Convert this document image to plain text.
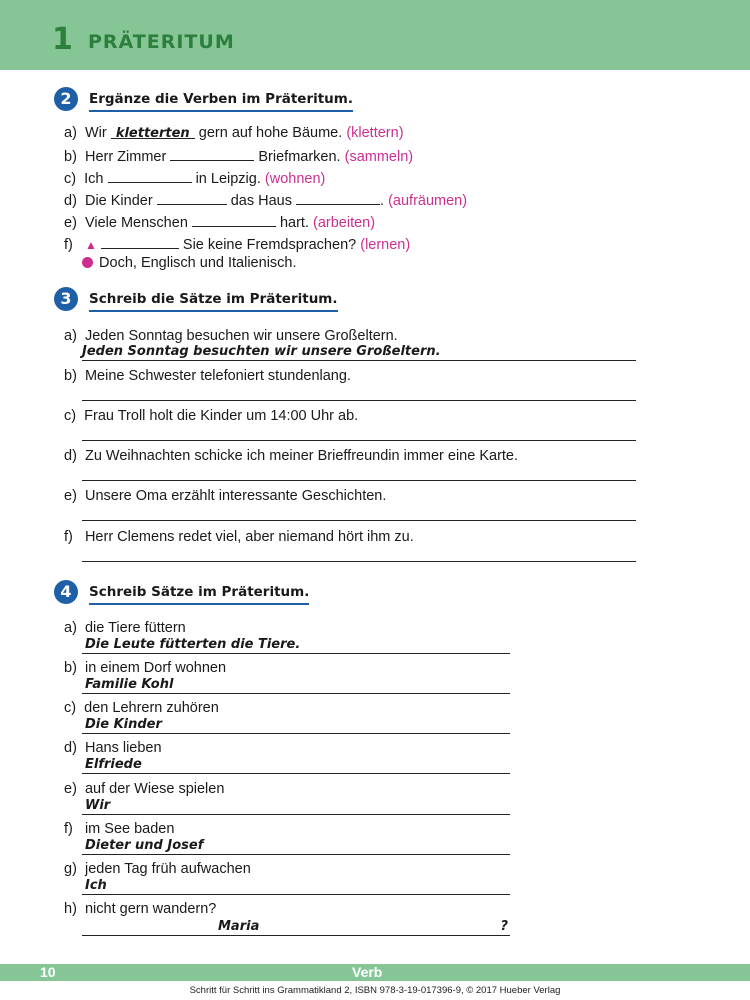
1 PRÄTERITUM
2	Ergänze die Verben im Präteritum.
a) Wir kletterten gern auf hohe Bäume. (klettern)
b) Herr Zimmer	Briefmarken. (sammeln)
c) Ich	in Leipzig. (wohnen)
d) Die Kinder	das Haus	. (aufräumen)
e) Viele Menschen	hart. (arbeiten)
f) ▲	Sie keine Fremdsprachen? (lernen)
Doch, Englisch und Italienisch.
3	Schreib die Sätze im Präteritum.
a) Jeden Sonntag besuchen wir unsere Großeltern.
Jeden Sonntag besuchten wir unsere Großeltern.
b) Meine Schwester telefoniert stundenlang.
c) Frau Troll holt die Kinder um 14:00 Uhr ab.
d) Zu Weihnachten schicke ich meiner Brieffreundin immer eine Karte.
e) Unsere Oma erzählt interessante Geschichten.
f) Herr Clemens redet viel, aber niemand hört ihm zu.
4	Schreib Sätze im Präteritum.
a) die Tiere füttern
Die Leute fütterten die Tiere.
b) in einem Dorf wohnen
Familie Kohl
c) den Lehrern zuhören
Die Kinder
d) Hans lieben
Elfriede
e) auf der Wiese spielen
Wir
f) im See baden
Dieter und Josef
g) jeden Tag früh aufwachen
Ich
h) nicht gern wandern?
Maria	?
10	Verb
Schritt für Schritt ins Grammatikland 2, ISBN 978-3-19-017396-9, © 2017 Hueber Verlag
